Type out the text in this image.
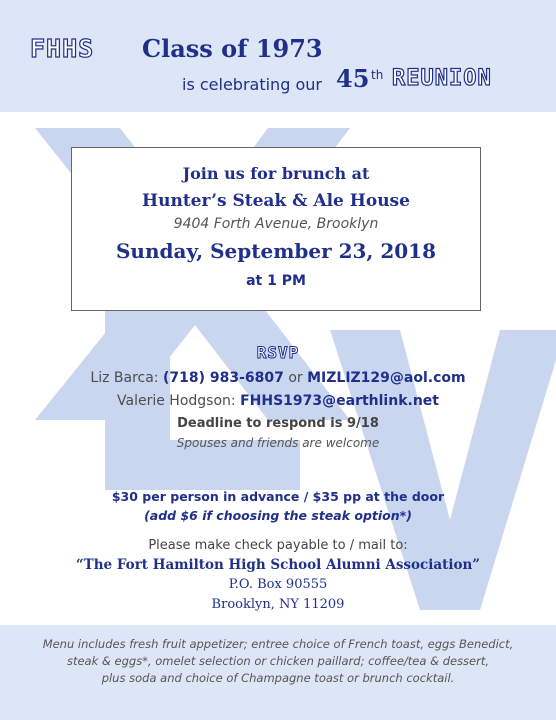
FHHS Class of 1973
is celebrating our 45 th REUNION
Join us for brunch at
Hunter’s Steak & Ale House
9404 Forth Avenue, Brooklyn
Sunday, September 23, 2018
at 1 PM
RSVP
Liz Barca: (718) 983-6807 or MIZLIZ129@aol.com
Valerie Hodgson: FHHS1973@earthlink.net
Deadline to respond is 9/18
Spouses and friends are welcome
$30 per person in advance / $35 pp at the door
(add $6 if choosing the steak option*)
Please make check payable to / mail to:
“The Fort Hamilton High School Alumni Association”
P.O. Box 90555
Brooklyn, NY 11209
Menu includes fresh fruit appetizer; entree choice of French toast, eggs Benedict,
steak & eggs*, omelet selection or chicken paillard; coffee/tea & dessert,
plus soda and choice of Champagne toast or brunch cocktail.
